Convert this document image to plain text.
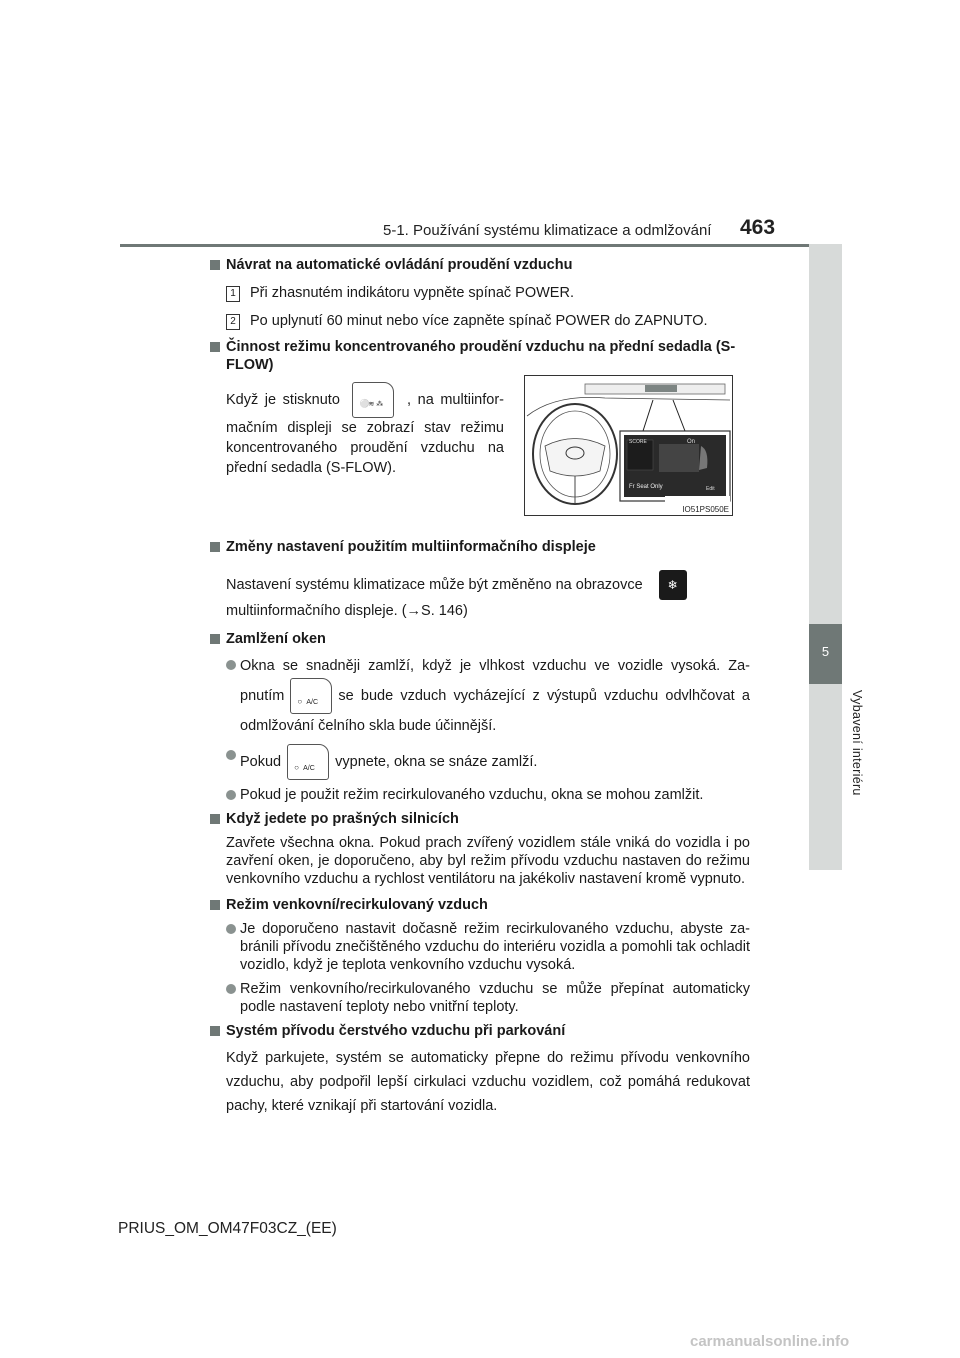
5-1. Používání systému klimatizace a odmlžování 463
5
Vybavení interiéru
Návrat na automatické ovládání proudění vzduchu
1 Při zhasnutém indikátoru vypněte spínač POWER.
2 Po uplynutí 60 minut nebo více zapněte spínač POWER do ZAPNUTO.
Činnost režimu koncentrovaného proudění vzduchu na přední sedadla (S-FLOW)
Když je stisknuto ⚪ ≋ ⁂ , na multiinfor-mačním displeji se zobrazí stav režimu koncentrovaného proudění vzduchu na přední sedadla (S-FLOW).
Změny nastavení použitím multiinformačního displeje
Nastavení systému klimatizace může být změněno na obrazovce ❄
multiinformačního displeje. (→S. 146)
Zamlžení oken
Okna se snadněji zamlží, když je vlhkost vzduchu ve vozidle vysoká. Za-pnutím ○ A/C se bude vzduch vycházející z výstupů vzduchu odvlhčovat a odmlžování čelního skla bude účinnější.
Pokud ○ A/C vypnete, okna se snáze zamlží.
Pokud je použit režim recirkulovaného vzduchu, okna se mohou zamlžit.
Když jedete po prašných silnicích
Zavřete všechna okna. Pokud prach zvířený vozidlem stále vniká do vozidla i po zavření oken, je doporučeno, aby byl režim přívodu vzduchu nastaven do režimu venkovního vzduchu a rychlost ventilátoru na jakékoliv nastavení kromě vypnuto.
Režim venkovní/recirkulovaný vzduch
Je doporučeno nastavit dočasně režim recirkulovaného vzduchu, abyste za-bránili přívodu znečištěného vzduchu do interiéru vozidla a pomohli tak ochladit vozidlo, když je teplota venkovního vzduchu vysoká.
Režim venkovního/recirkulovaného vzduchu se může přepínat automaticky podle nastavení teploty nebo vnitřní teploty.
Systém přívodu čerstvého vzduchu při parkování
Když parkujete, systém se automaticky přepne do režimu přívodu venkovního vzduchu, aby podpořil lepší cirkulaci vzduchu vozidlem, což pomáhá redukovat pachy, které vznikají při startování vozidla.
SCORE	On
Fr Seat Only	Edit
IO51PS050E
PRIUS_OM_OM47F03CZ_(EE)
carmanualsonline.info
